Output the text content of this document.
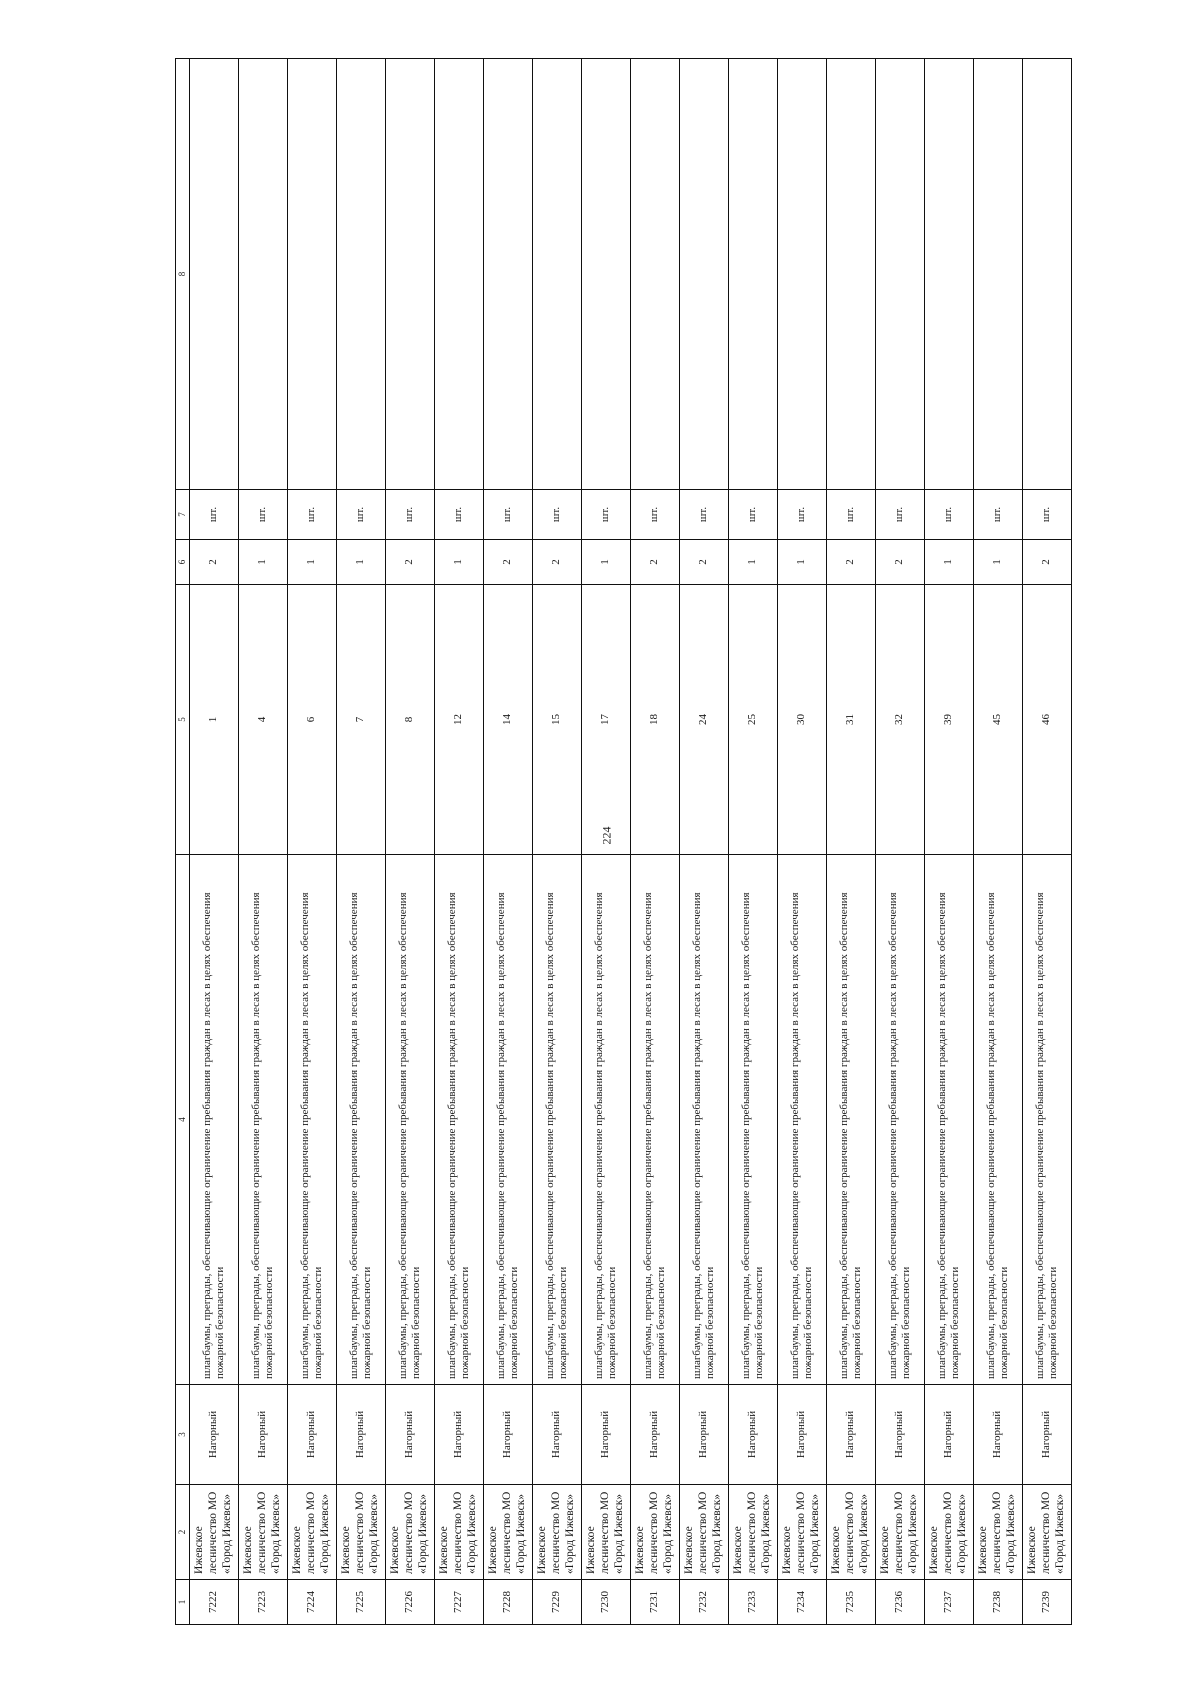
224
1	2	3	4	5	6	7	8
7222	Ижевское лесничество МО «Город Ижевск»	Нагорный	шлагбаумы, преграды, обеспечивающие ограничение пребывания граждан в лесах в целях обеспечения пожарной безопасности	1	2	шт.	
7223	Ижевское лесничество МО «Город Ижевск»	Нагорный	шлагбаумы, преграды, обеспечивающие ограничение пребывания граждан в лесах в целях обеспечения пожарной безопасности	4	1	шт.	
7224	Ижевское лесничество МО «Город Ижевск»	Нагорный	шлагбаумы, преграды, обеспечивающие ограничение пребывания граждан в лесах в целях обеспечения пожарной безопасности	6	1	шт.	
7225	Ижевское лесничество МО «Город Ижевск»	Нагорный	шлагбаумы, преграды, обеспечивающие ограничение пребывания граждан в лесах в целях обеспечения пожарной безопасности	7	1	шт.	
7226	Ижевское лесничество МО «Город Ижевск»	Нагорный	шлагбаумы, преграды, обеспечивающие ограничение пребывания граждан в лесах в целях обеспечения пожарной безопасности	8	2	шт.	
7227	Ижевское лесничество МО «Город Ижевск»	Нагорный	шлагбаумы, преграды, обеспечивающие ограничение пребывания граждан в лесах в целях обеспечения пожарной безопасности	12	1	шт.	
7228	Ижевское лесничество МО «Город Ижевск»	Нагорный	шлагбаумы, преграды, обеспечивающие ограничение пребывания граждан в лесах в целях обеспечения пожарной безопасности	14	2	шт.	
7229	Ижевское лесничество МО «Город Ижевск»	Нагорный	шлагбаумы, преграды, обеспечивающие ограничение пребывания граждан в лесах в целях обеспечения пожарной безопасности	15	2	шт.	
7230	Ижевское лесничество МО «Город Ижевск»	Нагорный	шлагбаумы, преграды, обеспечивающие ограничение пребывания граждан в лесах в целях обеспечения пожарной безопасности	17	1	шт.	
7231	Ижевское лесничество МО «Город Ижевск»	Нагорный	шлагбаумы, преграды, обеспечивающие ограничение пребывания граждан в лесах в целях обеспечения пожарной безопасности	18	2	шт.	
7232	Ижевское лесничество МО «Город Ижевск»	Нагорный	шлагбаумы, преграды, обеспечивающие ограничение пребывания граждан в лесах в целях обеспечения пожарной безопасности	24	2	шт.	
7233	Ижевское лесничество МО «Город Ижевск»	Нагорный	шлагбаумы, преграды, обеспечивающие ограничение пребывания граждан в лесах в целях обеспечения пожарной безопасности	25	1	шт.	
7234	Ижевское лесничество МО «Город Ижевск»	Нагорный	шлагбаумы, преграды, обеспечивающие ограничение пребывания граждан в лесах в целях обеспечения пожарной безопасности	30	1	шт.	
7235	Ижевское лесничество МО «Город Ижевск»	Нагорный	шлагбаумы, преграды, обеспечивающие ограничение пребывания граждан в лесах в целях обеспечения пожарной безопасности	31	2	шт.	
7236	Ижевское лесничество МО «Город Ижевск»	Нагорный	шлагбаумы, преграды, обеспечивающие ограничение пребывания граждан в лесах в целях обеспечения пожарной безопасности	32	2	шт.	
7237	Ижевское лесничество МО «Город Ижевск»	Нагорный	шлагбаумы, преграды, обеспечивающие ограничение пребывания граждан в лесах в целях обеспечения пожарной безопасности	39	1	шт.	
7238	Ижевское лесничество МО «Город Ижевск»	Нагорный	шлагбаумы, преграды, обеспечивающие ограничение пребывания граждан в лесах в целях обеспечения пожарной безопасности	45	1	шт.	
7239	Ижевское лесничество МО «Город Ижевск»	Нагорный	шлагбаумы, преграды, обеспечивающие ограничение пребывания граждан в лесах в целях обеспечения пожарной безопасности	46	2	шт.	
